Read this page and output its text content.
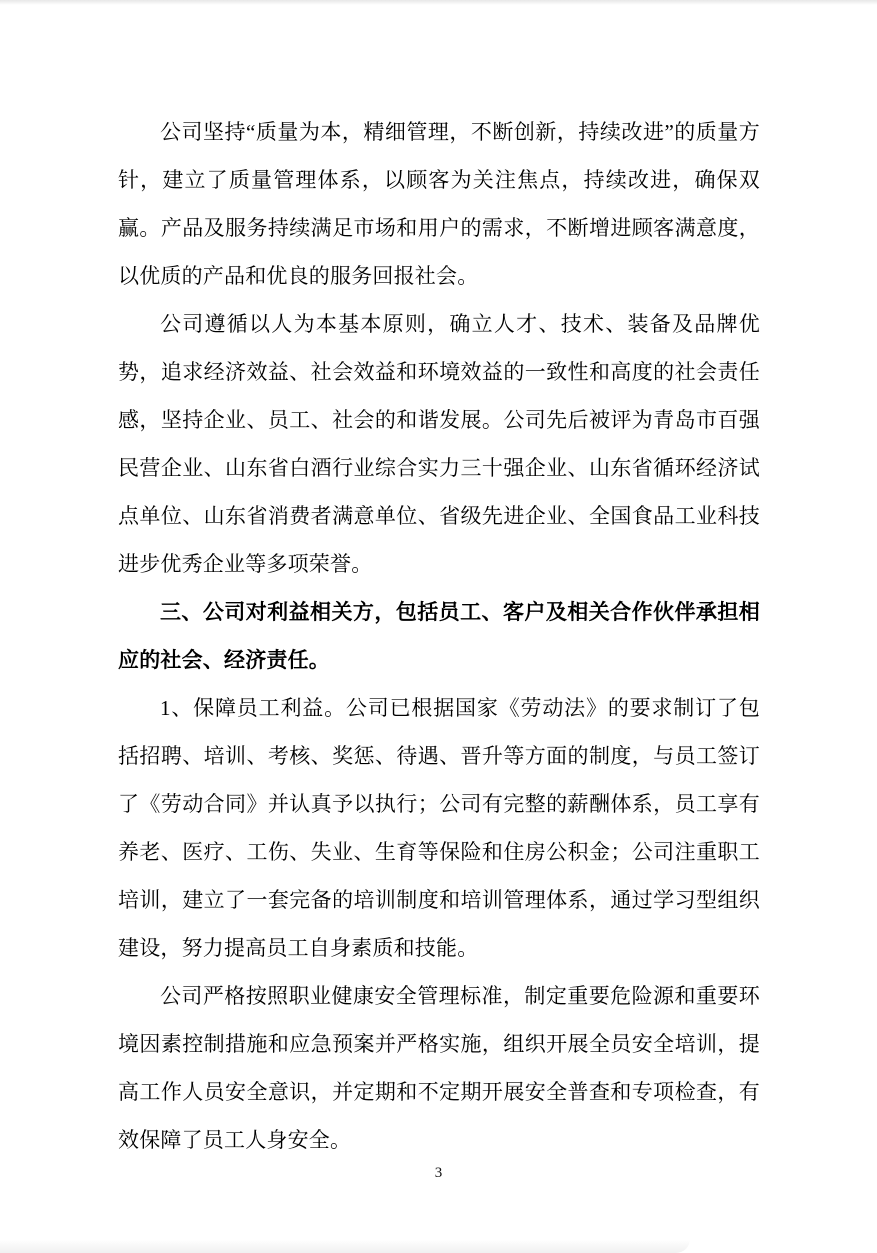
公司坚持“质量为本，精细管理，不断创新，持续改进”的质量方针，建立了质量管理体系，以顾客为关注焦点，持续改进，确保双赢。产品及服务持续满足市场和用户的需求，不断增进顾客满意度，以优质的产品和优良的服务回报社会。

公司遵循以人为本基本原则，确立人才、技术、装备及品牌优势，追求经济效益、社会效益和环境效益的一致性和高度的社会责任感，坚持企业、员工、社会的和谐发展。公司先后被评为青岛市百强民营企业、山东省白酒行业综合实力三十强企业、山东省循环经济试点单位、山东省消费者满意单位、省级先进企业、全国食品工业科技进步优秀企业等多项荣誉。

三、公司对利益相关方，包括员工、客户及相关合作伙伴承担相应的社会、经济责任。

1、保障员工利益。公司已根据国家《劳动法》的要求制订了包括招聘、培训、考核、奖惩、待遇、晋升等方面的制度，与员工签订了《劳动合同》并认真予以执行；公司有完整的薪酬体系，员工享有养老、医疗、工伤、失业、生育等保险和住房公积金；公司注重职工培训，建立了一套完备的培训制度和培训管理体系，通过学习型组织建设，努力提高员工自身素质和技能。

公司严格按照职业健康安全管理标准，制定重要危险源和重要环境因素控制措施和应急预案并严格实施，组织开展全员安全培训，提高工作人员安全意识，并定期和不定期开展安全普查和专项检查，有效保障了员工人身安全。

3
